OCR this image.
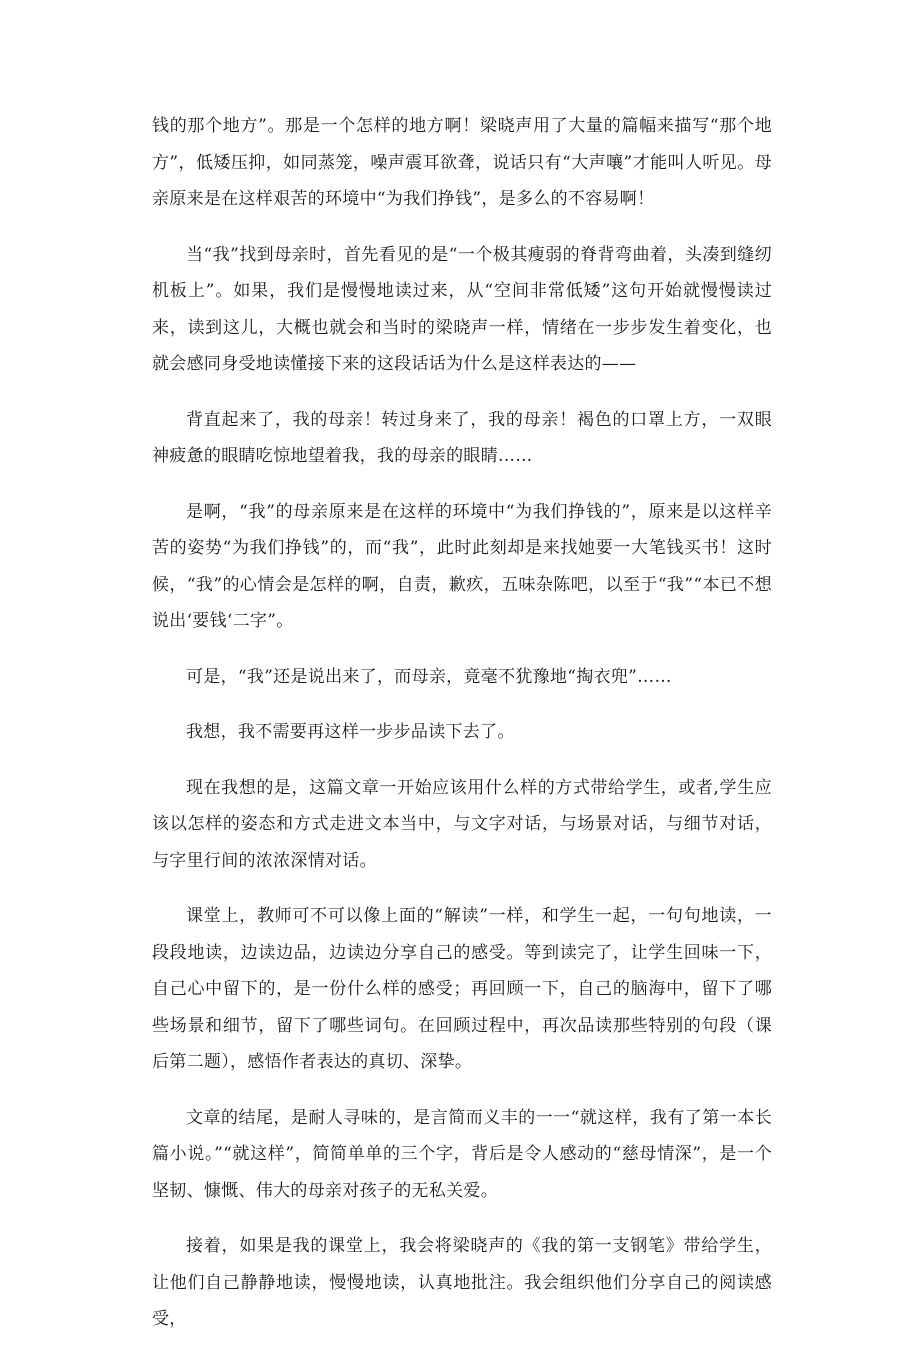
钱的那个地方”。那是一个怎样的地方啊！梁晓声用了大量的篇幅来描写“那个地方”，低矮压抑，如同蒸笼，噪声震耳欲聋，说话只有“大声嚷”才能叫人听见。母亲原来是在这样艰苦的环境中“为我们挣钱”，是多么的不容易啊！

当“我”找到母亲时，首先看见的是“一个极其瘦弱的脊背弯曲着，头凑到缝纫机板上”。如果，我们是慢慢地读过来，从“空间非常低矮”这句开始就慢慢读过来，读到这儿，大概也就会和当时的梁晓声一样，情绪在一步步发生着变化，也就会感同身受地读懂接下来的这段话话为什么是这样表达的——

背直起来了，我的母亲！转过身来了，我的母亲！褐色的口罩上方，一双眼神疲惫的眼睛吃惊地望着我，我的母亲的眼睛……

是啊，“我”的母亲原来是在这样的环境中“为我们挣钱的”，原来是以这样辛苦的姿势“为我们挣钱”的，而“我”，此时此刻却是来找她要一大笔钱买书！这时候，“我”的心情会是怎样的啊，自责，歉疚，五味杂陈吧，以至于“我”“本已不想说出‘要钱‘二字”。

可是，“我”还是说出来了，而母亲，竟毫不犹豫地“掏衣兜”……

我想，我不需要再这样一步步品读下去了。

现在我想的是，这篇文章一开始应该用什么样的方式带给学生，或者,学生应该以怎样的姿态和方式走进文本当中，与文字对话，与场景对话，与细节对话，与字里行间的浓浓深情对话。

课堂上，教师可不可以像上面的“解读”一样，和学生一起，一句句地读，一段段地读，边读边品，边读边分享自己的感受。等到读完了，让学生回味一下，自己心中留下的，是一份什么样的感受；再回顾一下，自己的脑海中，留下了哪些场景和细节，留下了哪些词句。在回顾过程中，再次品读那些特别的句段（课后第二题），感悟作者表达的真切、深挚。

文章的结尾，是耐人寻味的，是言简而义丰的一一“就这样，我有了第一本长篇小说。”“就这样”，简简单单的三个字，背后是令人感动的“慈母情深”，是一个坚韧、慷慨、伟大的母亲对孩子的无私关爱。

接着，如果是我的课堂上，我会将梁晓声的《我的第一支钢笔》带给学生，让他们自己静静地读，慢慢地读，认真地批注。我会组织他们分享自己的阅读感受，
